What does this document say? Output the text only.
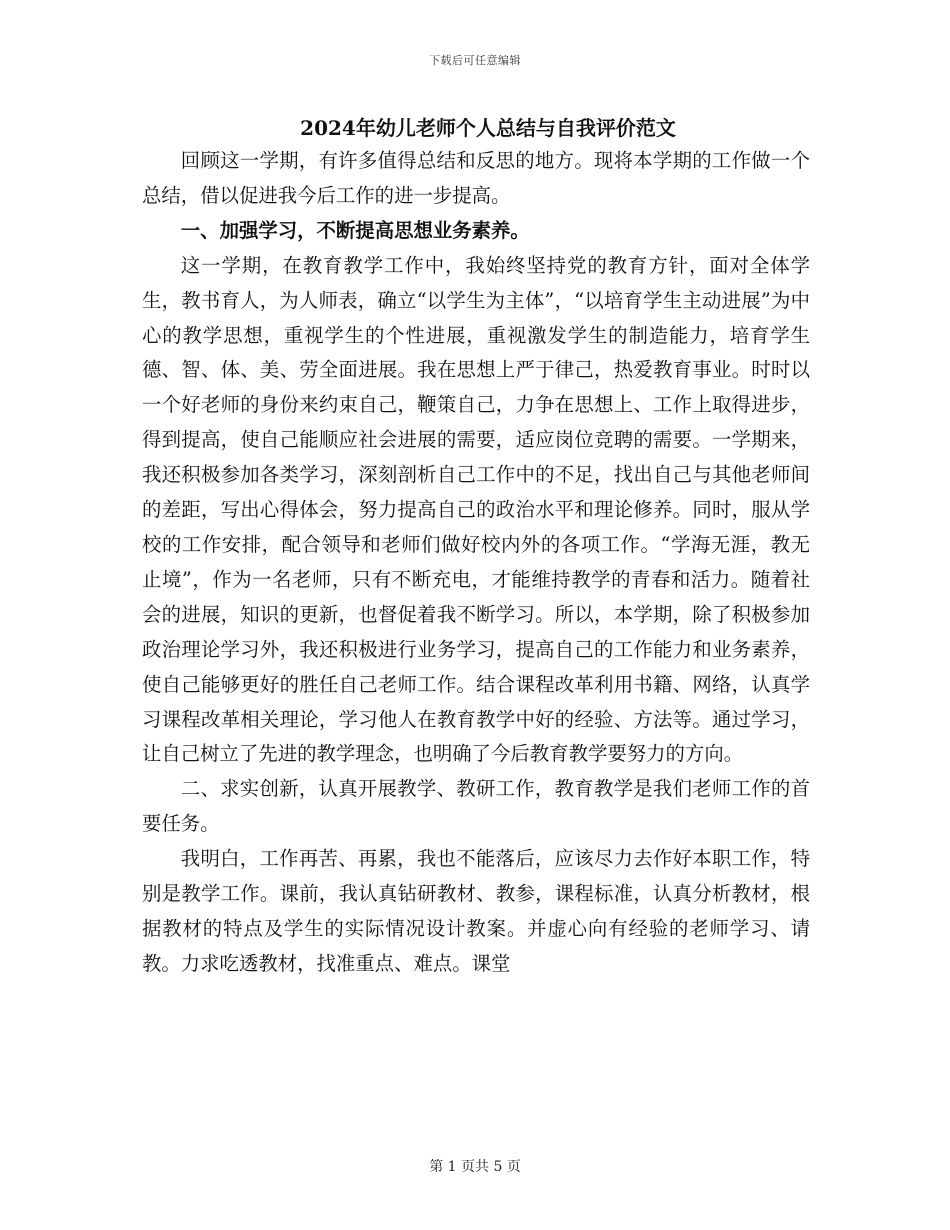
下载后可任意编辑
2024年幼儿老师个人总结与自我评价范文

回顾这一学期，有许多值得总结和反思的地方。现将本学期的工作做一个总结，借以促进我今后工作的进一步提高。

一、加强学习，不断提高思想业务素养。

这一学期，在教育教学工作中，我始终坚持党的教育方针，面对全体学生，教书育人，为人师表，确立“以学生为主体”，“以培育学生主动进展”为中心的教学思想，重视学生的个性进展，重视激发学生的制造能力，培育学生德、智、体、美、劳全面进展。我在思想上严于律己，热爱教育事业。时时以一个好老师的身份来约束自己，鞭策自己，力争在思想上、工作上取得进步，得到提高，使自己能顺应社会进展的需要，适应岗位竞聘的需要。一学期来，我还积极参加各类学习，深刻剖析自己工作中的不足，找出自己与其他老师间的差距，写出心得体会，努力提高自己的政治水平和理论修养。同时，服从学校的工作安排，配合领导和老师们做好校内外的各项工作。“学海无涯，教无止境”，作为一名老师，只有不断充电，才能维持教学的青春和活力。随着社会的进展，知识的更新，也督促着我不断学习。所以，本学期，除了积极参加政治理论学习外，我还积极进行业务学习，提高自己的工作能力和业务素养，使自己能够更好的胜任自己老师工作。结合课程改革利用书籍、网络，认真学习课程改革相关理论，学习他人在教育教学中好的经验、方法等。通过学习，让自己树立了先进的教学理念，也明确了今后教育教学要努力的方向。

二、求实创新，认真开展教学、教研工作，教育教学是我们老师工作的首要任务。

我明白，工作再苦、再累，我也不能落后，应该尽力去作好本职工作，特别是教学工作。课前，我认真钻研教材、教参，课程标准，认真分析教材，根据教材的特点及学生的实际情况设计教案。并虚心向有经验的老师学习、请教。力求吃透教材，找准重点、难点。课堂

第 1 页共 5 页
